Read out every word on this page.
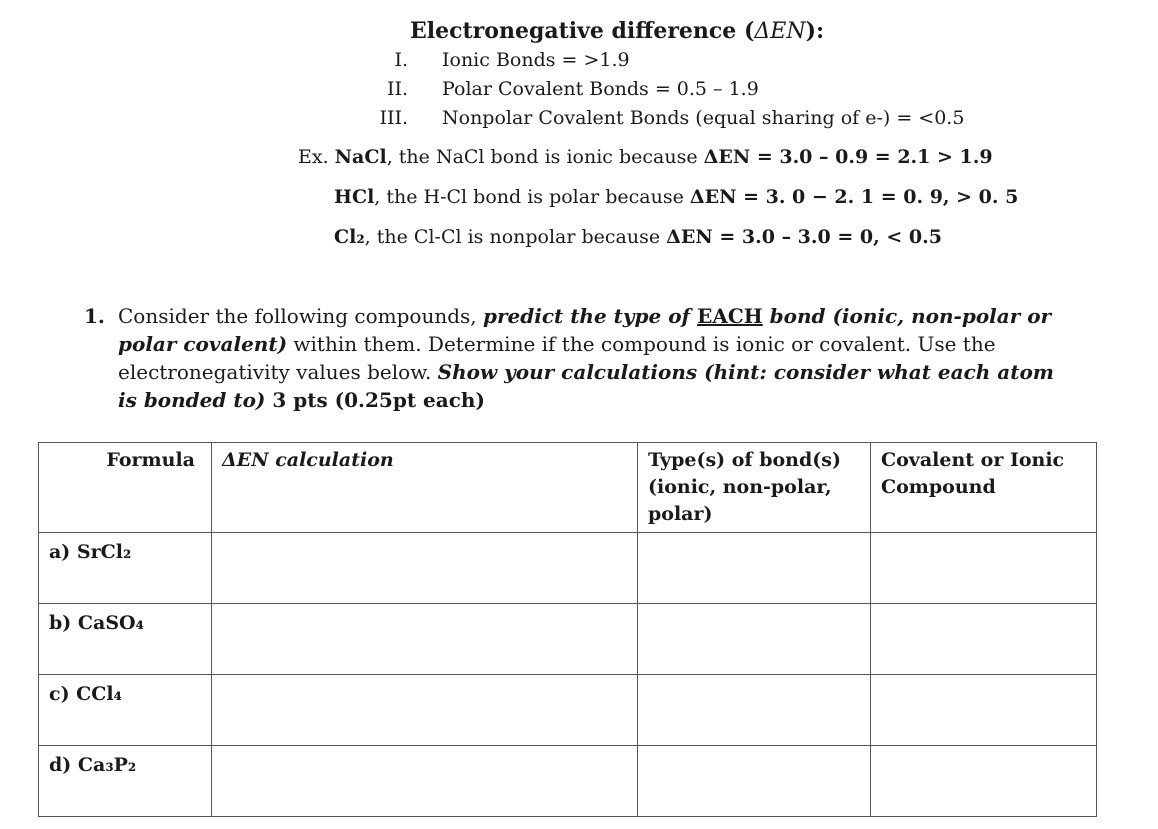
Electronegative difference (ΔEN):
I. Ionic Bonds = >1.9
II. Polar Covalent Bonds = 0.5 – 1.9
III. Nonpolar Covalent Bonds (equal sharing of e-) = <0.5
Ex. NaCl, the NaCl bond is ionic because ΔEN = 3.0 – 0.9 = 2.1 > 1.9
HCl, the H-Cl bond is polar because ΔEN = 3. 0 − 2. 1 = 0. 9, > 0. 5
Cl₂, the Cl-Cl is nonpolar because ΔEN = 3.0 – 3.0 = 0, < 0.5
1. Consider the following compounds, predict the type of EACH bond (ionic, non-polar or polar covalent) within them. Determine if the compound is ionic or covalent. Use the electronegativity values below. Show your calculations (hint: consider what each atom is bonded to) 3 pts (0.25pt each)
Formula	ΔEN calculation	Type(s) of bond(s) (ionic, non-polar, polar)	Covalent or Ionic Compound
a) SrCl₂			
b) CaSO₄			
c) CCl₄			
d) Ca₃P₂			
